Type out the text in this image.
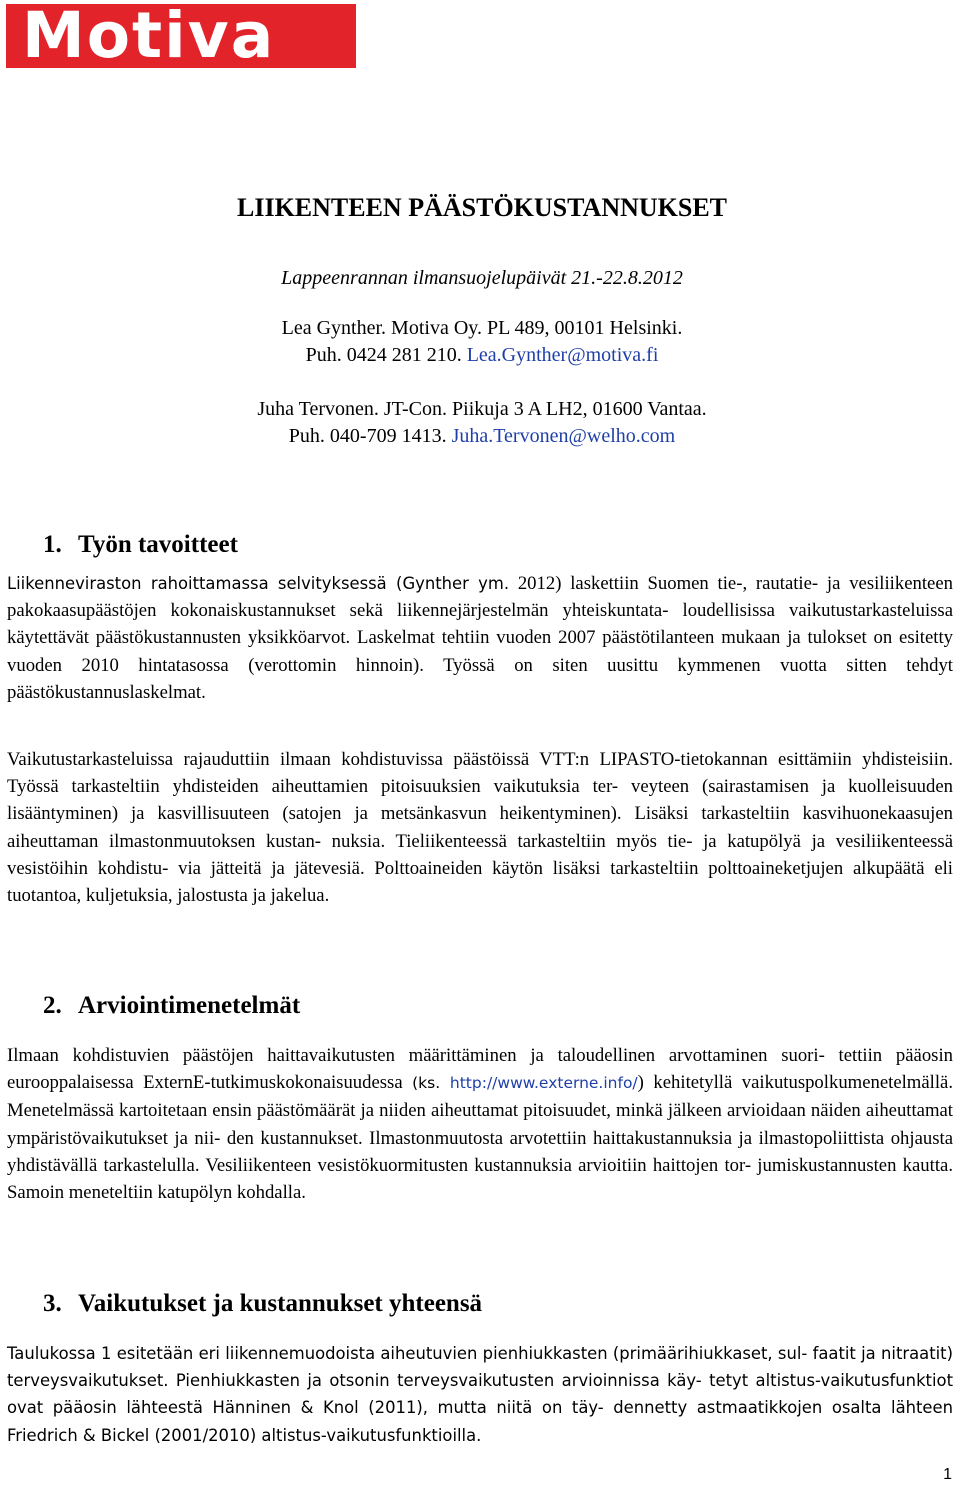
Motiva
LIIKENTEEN PÄÄSTÖKUSTANNUKSET
Lappeenrannan ilmansuojelupäivät 21.-22.8.2012
Lea Gynther. Motiva Oy. PL 489, 00101 Helsinki.
Puh. 0424 281 210. Lea.Gynther@motiva.fi
Juha Tervonen. JT-Con. Piikuja 3 A LH2, 01600 Vantaa.
Puh. 040-709 1413. Juha.Tervonen@welho.com
1. Työn tavoitteet

Liikenneviraston rahoittamassa selvityksessä (Gynther ym. 2012) laskettiin Suomen tie-, rautatie- ja vesiliikenteen pakokaasupäästöjen kokonaiskustannukset sekä liikennejärjestelmän yhteiskuntata- loudellisissa vaikutustarkasteluissa käytettävät päästökustannusten yksikköarvot. Laskelmat tehtiin vuoden 2007 päästötilanteen mukaan ja tulokset on esitetty vuoden 2010 hintatasossa (verottomin hinnoin). Työssä on siten uusittu kymmenen vuotta sitten tehdyt päästökustannuslaskelmat.

Vaikutustarkasteluissa rajauduttiin ilmaan kohdistuvissa päästöissä VTT:n LIPASTO-tietokannan esittämiin yhdisteisiin. Työssä tarkasteltiin yhdisteiden aiheuttamien pitoisuuksien vaikutuksia ter- veyteen (sairastamisen ja kuolleisuuden lisääntyminen) ja kasvillisuuteen (satojen ja metsänkasvun heikentyminen). Lisäksi tarkasteltiin kasvihuonekaasujen aiheuttaman ilmastonmuutoksen kustan- nuksia. Tieliikenteessä tarkasteltiin myös tie- ja katupölyä ja vesiliikenteessä vesistöihin kohdistu- via jätteitä ja jätevesiä. Polttoaineiden käytön lisäksi tarkasteltiin polttoaineketjujen alkupäätä eli tuotantoa, kuljetuksia, jalostusta ja jakelua.

2. Arviointimenetelmät

Ilmaan kohdistuvien päästöjen haittavaikutusten määrittäminen ja taloudellinen arvottaminen suori- tettiin pääosin eurooppalaisessa ExternE-tutkimuskokonaisuudessa (ks. http://www.externe.info/) kehitetyllä vaikutuspolkumenetelmällä. Menetelmässä kartoitetaan ensin päästömäärät ja niiden aiheuttamat pitoisuudet, minkä jälkeen arvioidaan näiden aiheuttamat ympäristövaikutukset ja nii- den kustannukset. Ilmastonmuutosta arvotettiin haittakustannuksia ja ilmastopoliittista ohjausta yhdistävällä tarkastelulla. Vesiliikenteen vesistökuormitusten kustannuksia arvioitiin haittojen tor- jumiskustannusten kautta. Samoin meneteltiin katupölyn kohdalla.

3. Vaikutukset ja kustannukset yhteensä

Taulukossa 1 esitetään eri liikennemuodoista aiheutuvien pienhiukkasten (primäärihiukkaset, sul- faatit ja nitraatit) terveysvaikutukset. Pienhiukkasten ja otsonin terveysvaikutusten arvioinnissa käy- tetyt altistus-vaikutusfunktiot ovat pääosin lähteestä Hänninen & Knol (2011), mutta niitä on täy- dennetty astmaatikkojen osalta lähteen Friedrich & Bickel (2001/2010) altistus-vaikutusfunktioilla.

1
